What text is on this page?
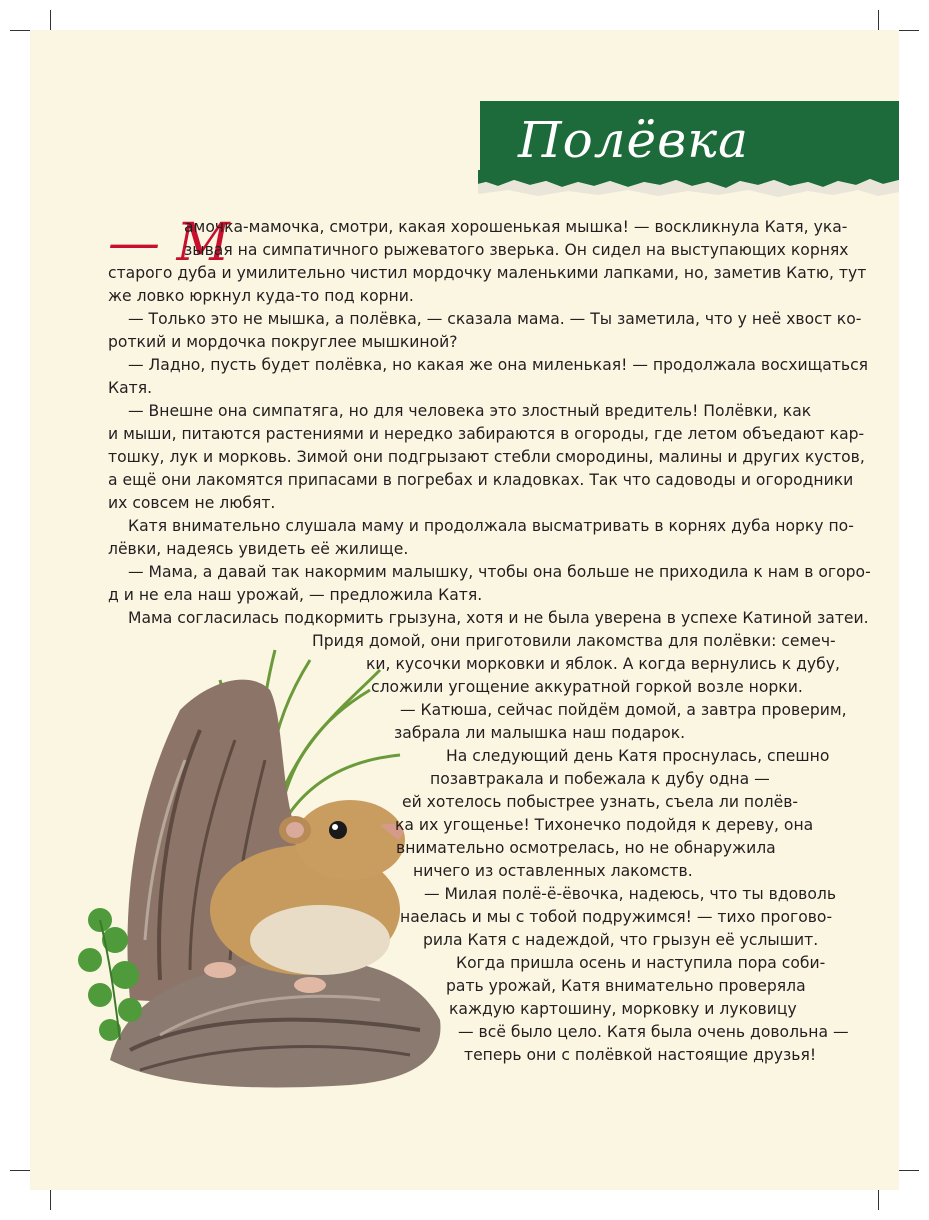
Полёвка
— М
амочка-мамочка, смотри, какая хорошенькая мышка! — воскликнула Катя, ука-
зывая на симпатичного рыжеватого зверька. Он сидел на выступающих корнях
старого дуба и умилительно чистил мордочку маленькими лапками, но, заметив Катю, тут
же ловко юркнул куда-то под корни.
— Только это не мышка, а полёвка, — сказала мама. — Ты заметила, что у неё хвост ко-
роткий и мордочка покруглее мышкиной?
— Ладно, пусть будет полёвка, но какая же она миленькая! — продолжала восхищаться
Катя.
— Внешне она симпатяга, но для человека это злостный вредитель! Полёвки, как
и мыши, питаются растениями и нередко забираются в огороды, где летом объедают кар-
тошку, лук и морковь. Зимой они подгрызают стебли смородины, малины и других кустов,
а ещё они лакомятся припасами в погребах и кладовках. Так что садоводы и огородники
их совсем не любят.
Катя внимательно слушала маму и продолжала высматривать в корнях дуба норку по-
лёвки, надеясь увидеть её жилище.
— Мама, а давай так накормим малышку, чтобы она больше не приходила к нам в огоро-
д и не ела наш урожай, — предложила Катя.
Мама согласилась подкормить грызуна, хотя и не была уверена в успехе Катиной затеи.
Придя домой, они приготовили лакомства для полёвки: семеч-
ки, кусочки морковки и яблок. А когда вернулись к дубу,
сложили угощение аккуратной горкой возле норки.
— Катюша, сейчас пойдём домой, а завтра проверим,
забрала ли малышка наш подарок.
На следующий день Катя проснулась, спешно
позавтракала и побежала к дубу одна —
ей хотелось побыстрее узнать, съела ли полёв-
ка их угощенье! Тихонечко подойдя к дереву, она
внимательно осмотрелась, но не обнаружила
ничего из оставленных лакомств.
— Милая полё-ё-ёвочка, надеюсь, что ты вдоволь
наелась и мы с тобой подружимся! — тихо прогово-
рила Катя с надеждой, что грызун её услышит.
Когда пришла осень и наступила пора соби-
рать урожай, Катя внимательно проверяла
каждую картошину, морковку и луковицу
— всё было цело. Катя была очень довольна —
теперь они с полёвкой настоящие друзья!
